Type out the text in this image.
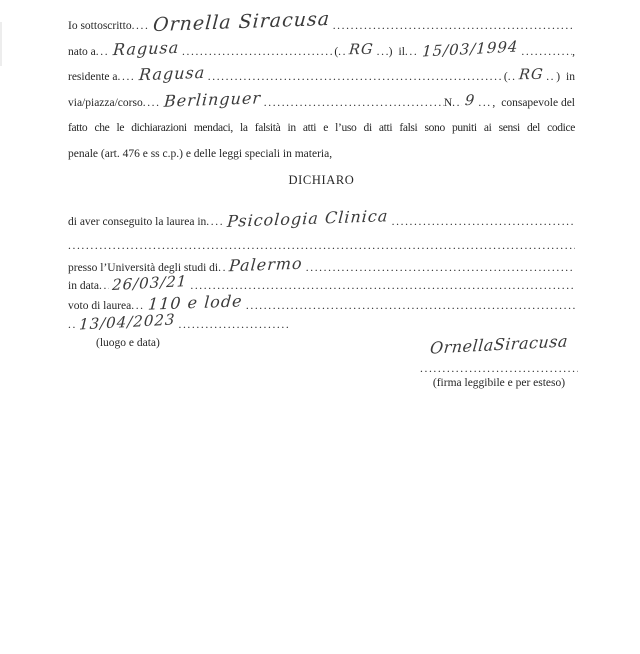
Io sottoscritto ..... Ornella Siracusa
.....
nato a ..... Ragusa .....	( ..... RG ..... ) il ..... 15/03/1994 .....	,
residente a ..... Ragusa .....	( ..... RG ..... ) in
via/piazza/corso ..... Berlinguer .....	N ..... 9 ..... , consapevole del
fatto che le dichiarazioni mendaci, la falsità in atti e l’uso di atti falsi sono puniti ai sensi del codice
penale (art. 476 e ss c.p.) e delle leggi speciali in materia,
DICHIARO
di aver conseguito la laurea in ..... Psicologia Clinica
.....
.....
presso l’Università degli studi di ..... Palermo
.....
in data ..... 26/03/21
.....
voto di laurea ..... 110 e lode
.....
.....
13/04/2023
.....
(luogo e data)	OrnellaSiracusa
.....
(firma leggibile e per esteso)
